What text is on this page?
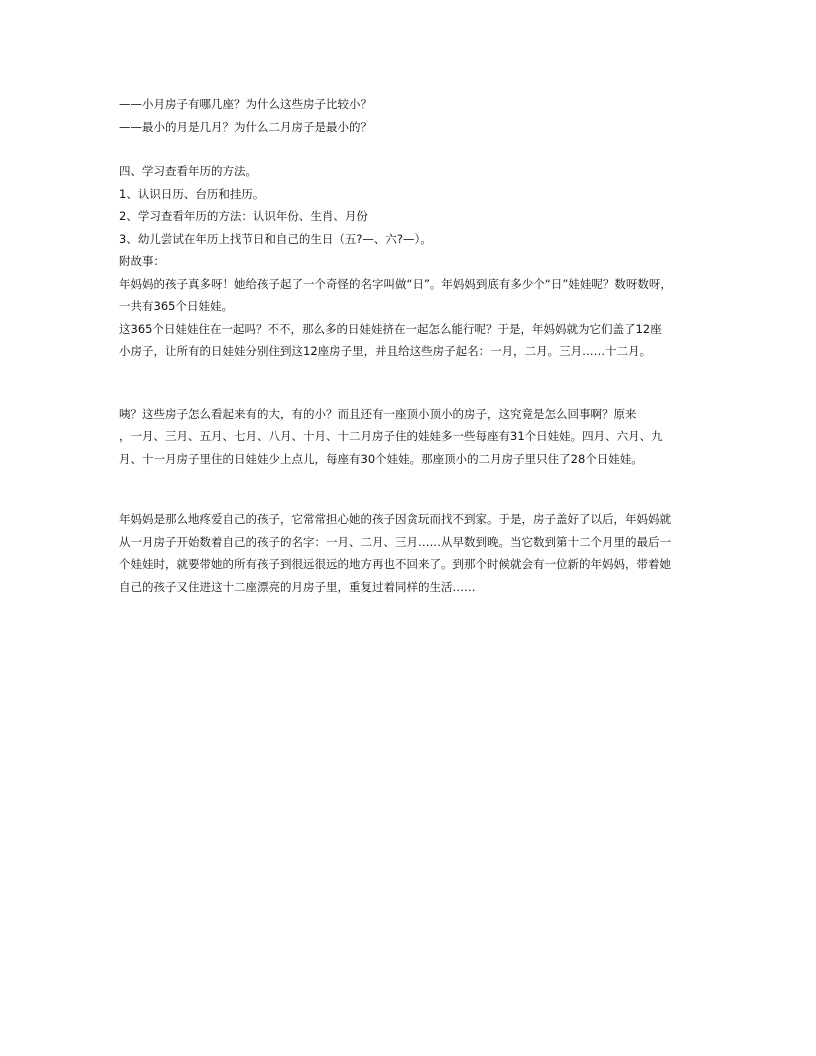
——小月房子有哪几座？为什么这些房子比较小？
——最小的月是几月？为什么二月房子是最小的？
四、学习查看年历的方法。
1、认识日历、台历和挂历。
2、学习查看年历的方法：认识年份、生肖、月份
3、幼儿尝试在年历上找节日和自己的生日（五?—、六?—）。
附故事：
年妈妈的孩子真多呀！她给孩子起了一个奇怪的名字叫做“日”。年妈妈到底有多少个“日”娃娃呢？数呀数呀，
一共有365个日娃娃。
这365个日娃娃住在一起吗？不不，那么多的日娃娃挤在一起怎么能行呢？于是，年妈妈就为它们盖了12座
小房子，让所有的日娃娃分别住到这12座房子里，并且给这些房子起名：一月，二月。三月……十二月。
咦？这些房子怎么看起来有的大，有的小？而且还有一座顶小顶小的房子，这究竟是怎么回事啊？原来
，一月、三月、五月、七月、八月、十月、十二月房子住的娃娃多一些每座有31个日娃娃。四月、六月、九
月、十一月房子里住的日娃娃少上点儿，每座有30个娃娃。那座顶小的二月房子里只住了28个日娃娃。
年妈妈是那么地疼爱自己的孩子，它常常担心她的孩子因贪玩而找不到家。于是，房子盖好了以后，年妈妈就
从一月房子开始数着自己的孩子的名字：一月、二月、三月……从早数到晚。当它数到第十二个月里的最后一
个娃娃时，就要带她的所有孩子到很远很远的地方再也不回来了。到那个时候就会有一位新的年妈妈，带着她
自己的孩子又住进这十二座漂亮的月房子里，重复过着同样的生活……
